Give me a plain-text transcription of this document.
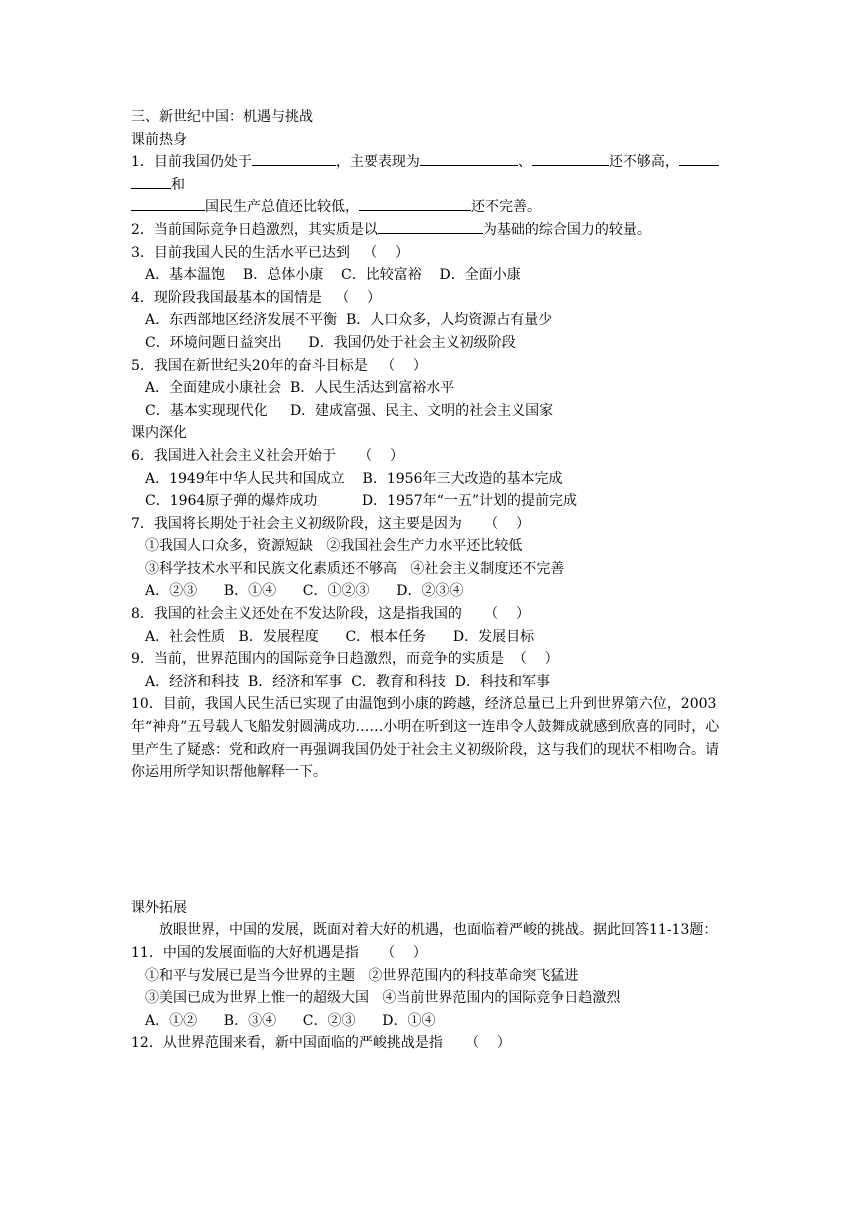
三、新世纪中国：机遇与挑战
课前热身
1．目前我国仍处于	，主要表现为	、	还不够高，
和
国民生产总值还比较低，	还不完善。
2．当前国际竞争日趋激烈，其实质是以	为基础的综合国力的较量。
3．目前我国人民的生活水平已达到   （    ）
A．基本温饱    B．总体小康    C．比较富裕    D．全面小康
4．现阶段我国最基本的国情是   （    ）
A．东西部地区经济发展不平衡  B．人口众多，人均资源占有量少
C．环境问题日益突出      D．我国仍处于社会主义初级阶段
5．我国在新世纪头20年的奋斗目标是   （    ）
A．全面建成小康社会  B．人民生活达到富裕水平
C．基本实现现代化     D．建成富强、民主、文明的社会主义国家
课内深化
6．我国进入社会主义社会开始于     （    ）
A．1949年中华人民共和国成立    B．1956年三大改造的基本完成
C．1964原子弹的爆炸成功          D．1957年“一五”计划的提前完成
7．我国将长期处于社会主义初级阶段，这主要是因为     （    ）
①我国人口众多，资源短缺   ②我国社会生产力水平还比较低
③科学技术水平和民族文化素质还不够高   ④社会主义制度还不完善
A．②③      B．①④      C．①②③      D．②③④
8．我国的社会主义还处在不发达阶段，这是指我国的     （    ）
A．社会性质   B．发展程度      C．根本任务      D．发展目标
9．当前，世界范围内的国际竞争日趋激烈，而竞争的实质是  （    ）
A．经济和科技  B．经济和军事  C．教育和科技  D．科技和军事
10．目前，我国人民生活已实现了由温饱到小康的跨越，经济总量已上升到世界第六位，2003年“神舟”五号载人飞船发射圆满成功……小明在听到这一连串令人鼓舞成就感到欣喜的同时，心里产生了疑惑：党和政府一再强调我国仍处于社会主义初级阶段，这与我们的现状不相吻合。请你运用所学知识帮他解释一下。
课外拓展
放眼世界，中国的发展，既面对着大好的机遇，也面临着严峻的挑战。据此回答11-13题：
11．中国的发展面临的大好机遇是指     （    ）
①和平与发展已是当今世界的主题   ②世界范围内的科技革命突飞猛进
③美国已成为世界上惟一的超级大国   ④当前世界范围内的国际竞争日趋激烈
A．①②      B．③④      C．②③      D．①④
12．从世界范围来看，新中国面临的严峻挑战是指     （    ）
